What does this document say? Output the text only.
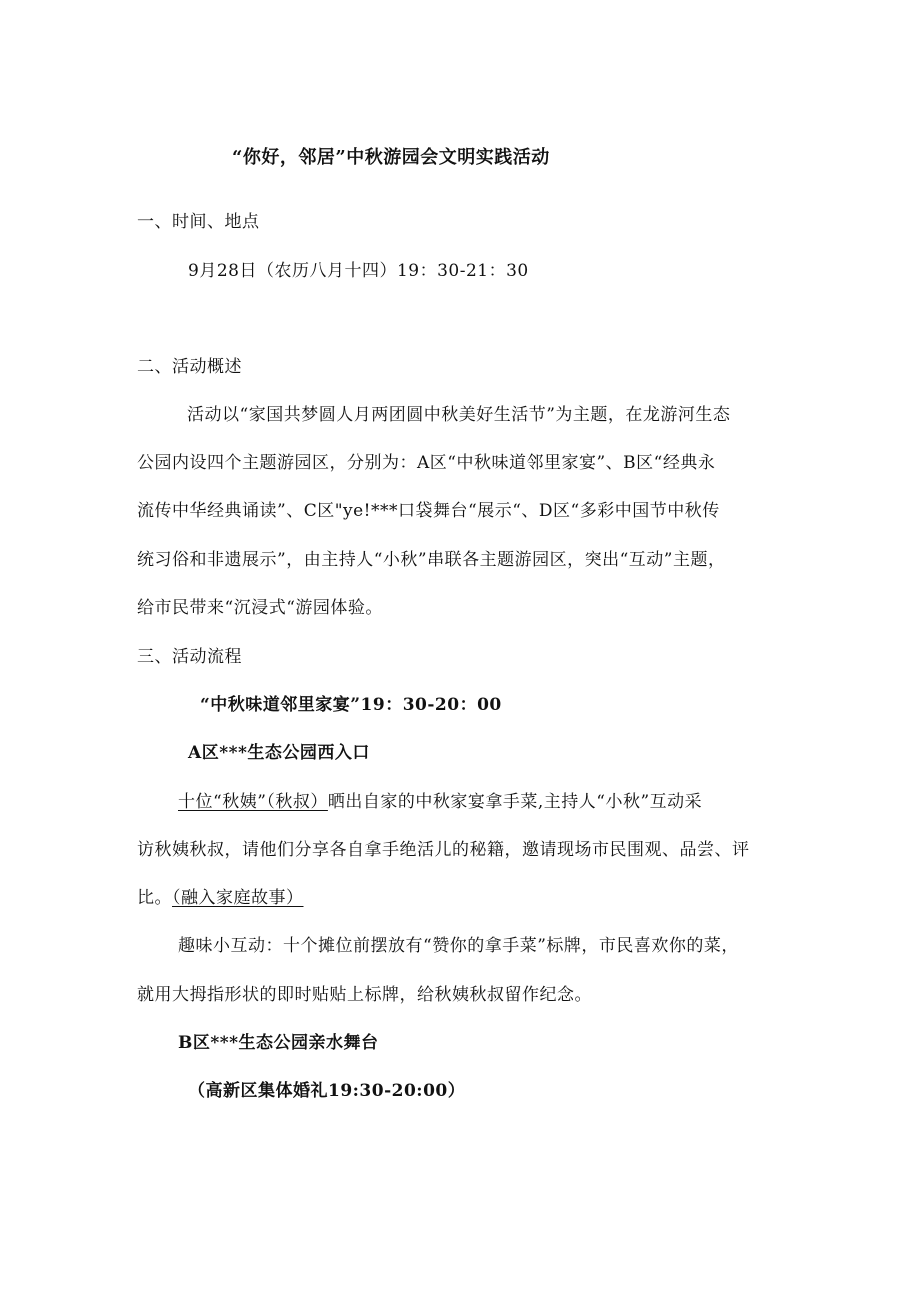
“你好，邻居”中秋游园会文明实践活动
一、时间、地点
9月28日（农历八月十四）19：30-21：30
二、活动概述
活动以“家国共梦圆人月两团圆中秋美好生活节”为主题，在龙游河生态
公园内设四个主题游园区，分别为：A区“中秋味道邻里家宴”、B区“经典永
流传中华经典诵读”、C区"ye!***口袋舞台“展示“、D区“多彩中国节中秋传
统习俗和非遗展示”，由主持人“小秋”串联各主题游园区，突出“互动”主题，
给市民带来“沉浸式“游园体验。
三、活动流程
“中秋味道邻里家宴”19：30-20：00
A区***生态公园西入口
十位“秋姨”（秋叔）晒出自家的中秋家宴拿手菜,主持人“小秋”互动采
访秋姨秋叔，请他们分享各自拿手绝活儿的秘籍，邀请现场市民围观、品尝、评
比。（融入家庭故事）
趣味小互动：十个摊位前摆放有“赞你的拿手菜”标牌，市民喜欢你的菜，
就用大拇指形状的即时贴贴上标牌，给秋姨秋叔留作纪念。
B区***生态公园亲水舞台
（高新区集体婚礼19:30-20:00）
